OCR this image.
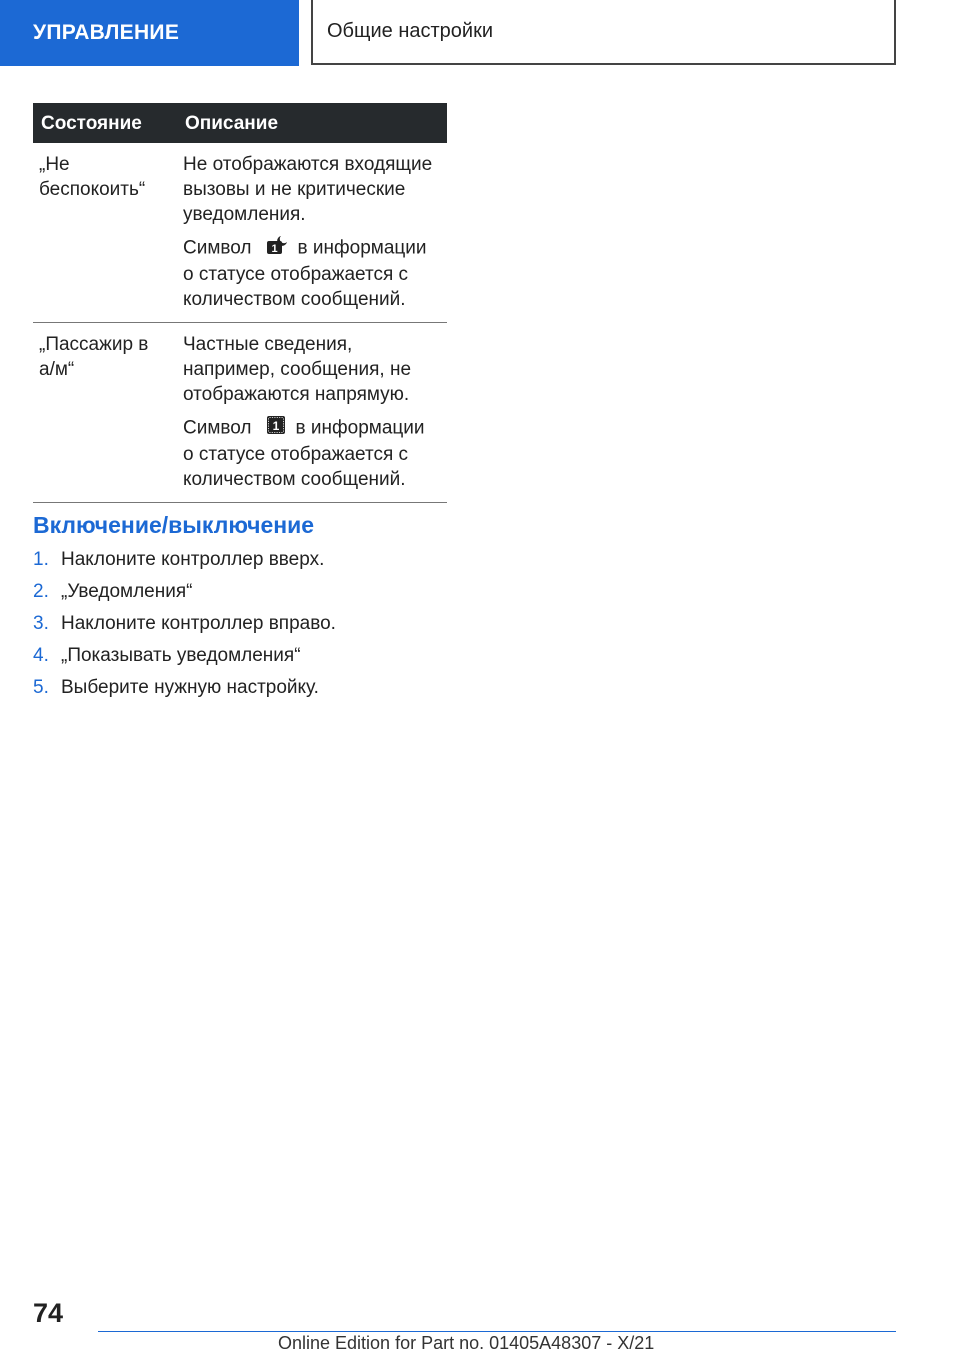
УПРАВЛЕНИЕ	Общие настройки
Состояние	Описание
„Не беспокоить“	Не отображаются входящие вызовы и не критические уведомления.

Символ 1 в информации о статусе отображается с количеством сообщений.

„Пассажир в а/м“	Частные сведения, например, сообщения, не отображаются напрямую.

Символ 1 в информации о статусе отображается с количеством сообщений.

Включение/выключение
1. Наклоните контроллер вверх.
2. „Уведомления“
3. Наклоните контроллер вправо.
4. „Показывать уведомления“
5. Выберите нужную настройку.
74
Online Edition for Part no. 01405A48307 - X/21
